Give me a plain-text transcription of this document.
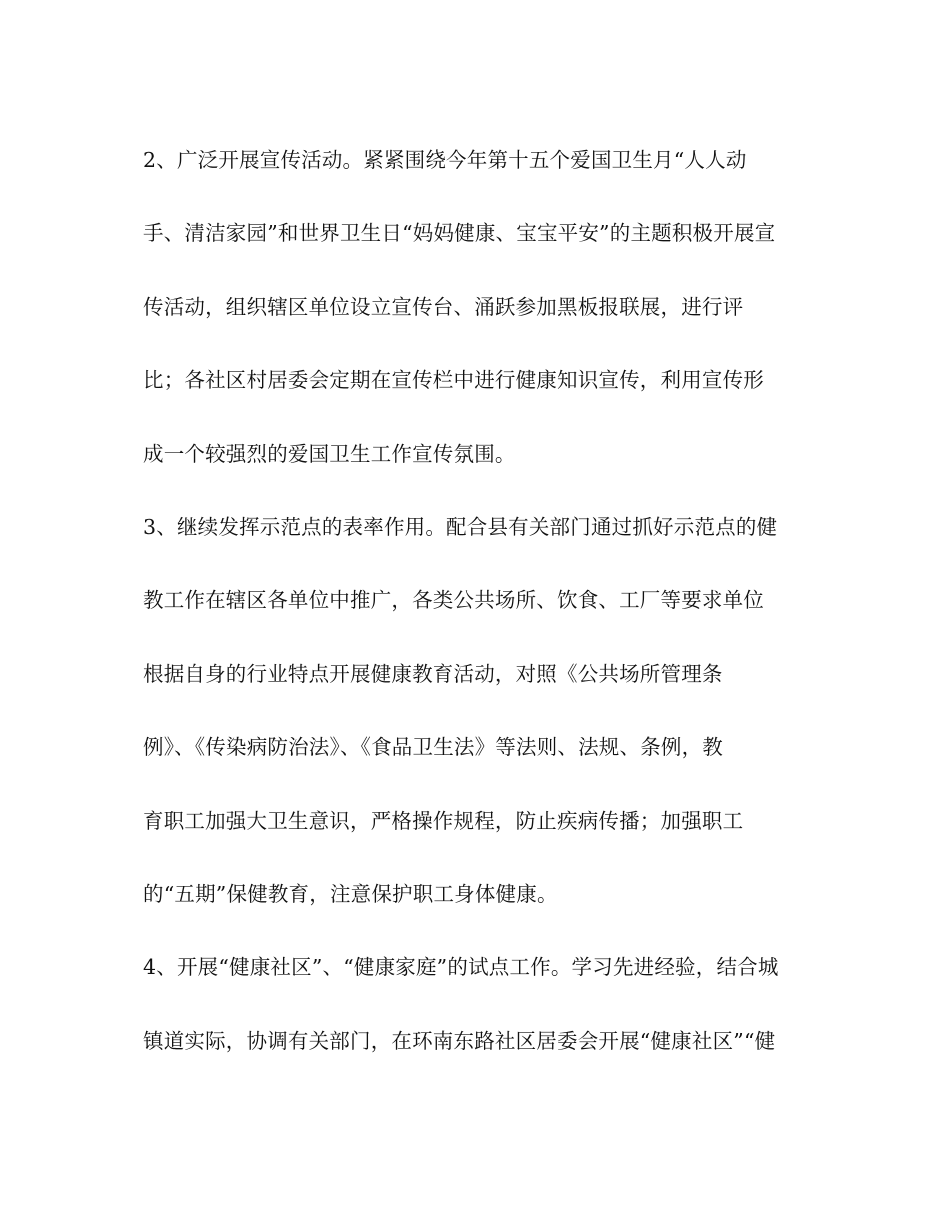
2、广泛开展宣传活动。紧紧围绕今年第十五个爱国卫生月“人人动
手、清洁家园”和世界卫生日“妈妈健康、宝宝平安”的主题积极开展宣
传活动，组织辖区单位设立宣传台、涌跃参加黑板报联展，进行评
比；各社区村居委会定期在宣传栏中进行健康知识宣传，利用宣传形
成一个较强烈的爱国卫生工作宣传氛围。
3、继续发挥示范点的表率作用。配合县有关部门通过抓好示范点的健
教工作在辖区各单位中推广，各类公共场所、饮食、工厂等要求单位
根据自身的行业特点开展健康教育活动，对照《公共场所管理条
例》、《传染病防治法》、《食品卫生法》等法则、法规、条例，教
育职工加强大卫生意识，严格操作规程，防止疾病传播；加强职工
的“五期”保健教育，注意保护职工身体健康。
4、开展“健康社区”、“健康家庭”的试点工作。学习先进经验，结合城
镇道实际，协调有关部门，在环南东路社区居委会开展“健康社区”“健
